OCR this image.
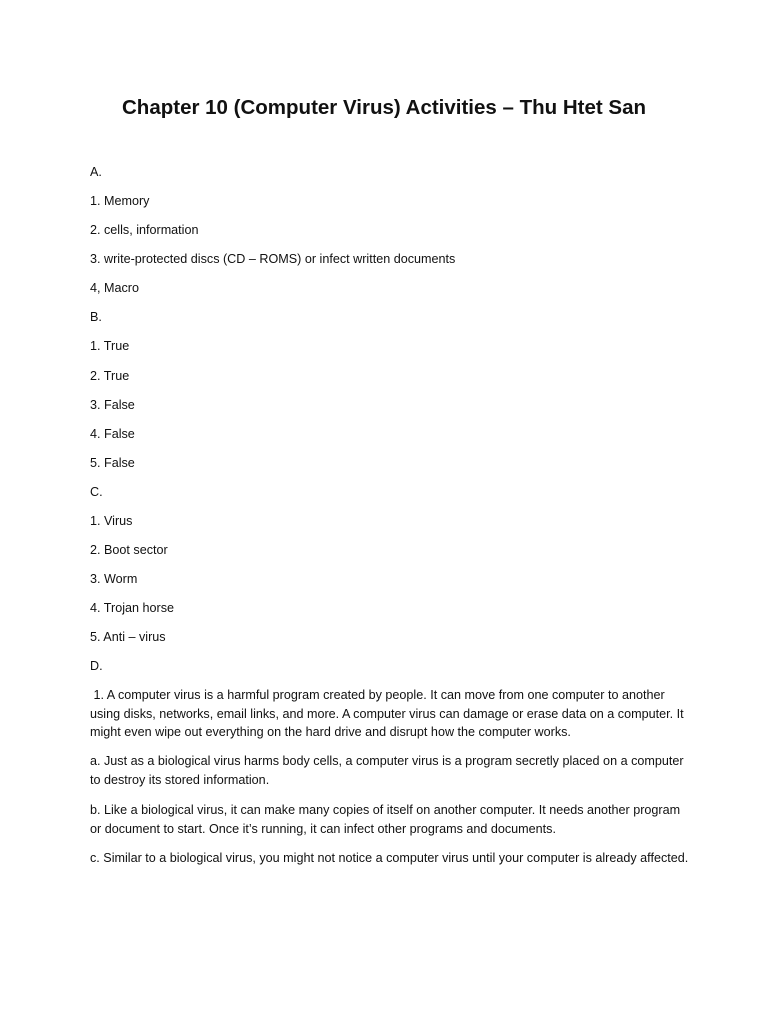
Chapter 10 (Computer Virus) Activities – Thu Htet San

A.

1. Memory

2. cells, information

3. write-protected discs (CD – ROMS) or infect written documents

4, Macro

B.

1. True

2. True

3. False

4. False

5. False

C.

1. Virus

2. Boot sector

3. Worm

4. Trojan horse

5. Anti – virus

D.

1. A computer virus is a harmful program created by people. It can move from one computer to another using disks, networks, email links, and more. A computer virus can damage or erase data on a computer. It might even wipe out everything on the hard drive and disrupt how the computer works.

a. Just as a biological virus harms body cells, a computer virus is a program secretly placed on a computer to destroy its stored information.

b. Like a biological virus, it can make many copies of itself on another computer. It needs another program or document to start. Once it’s running, it can infect other programs and documents.

c. Similar to a biological virus, you might not notice a computer virus until your computer is already affected.
